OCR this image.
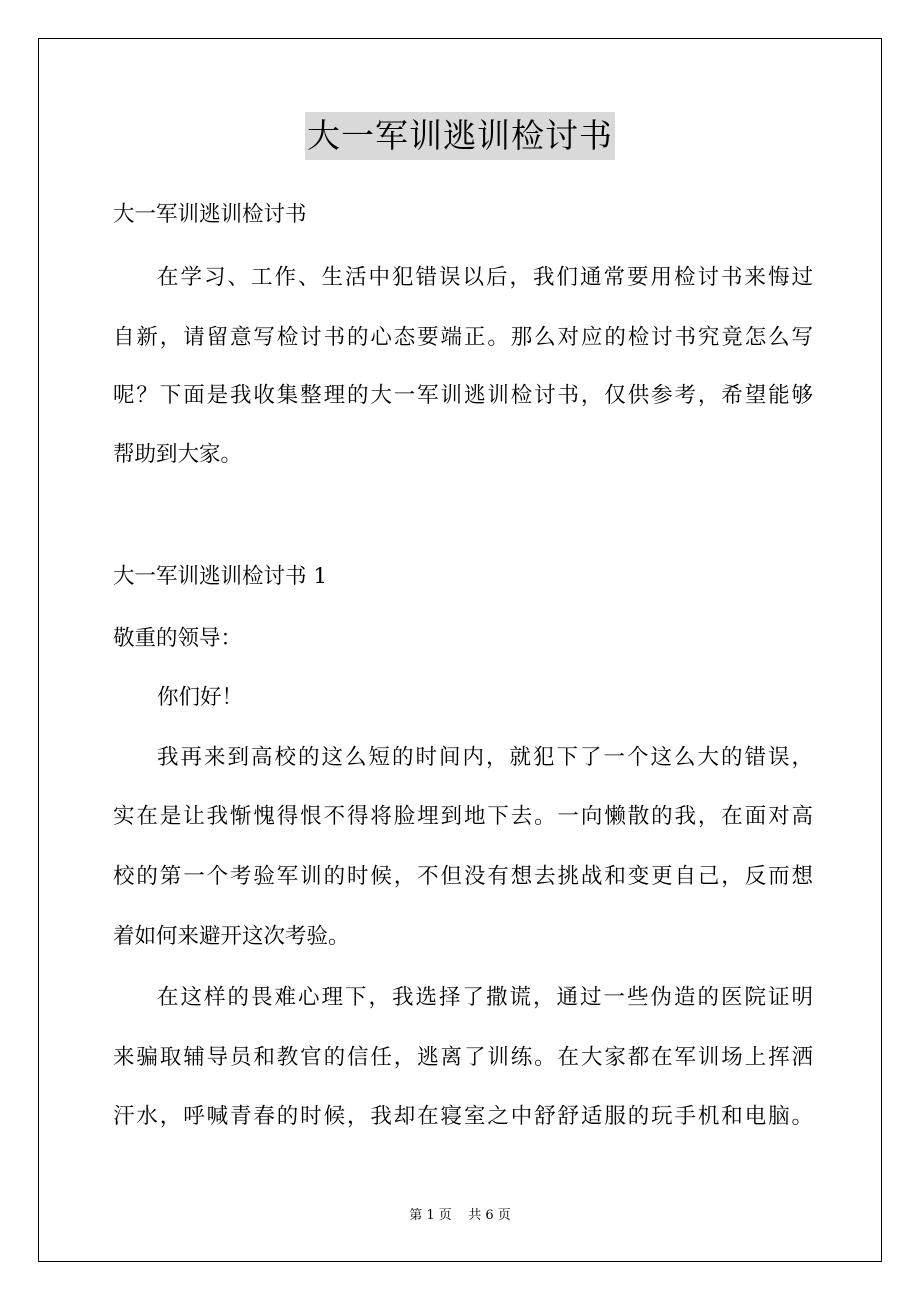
大一军训逃训检讨书

大一军训逃训检讨书

在学习、工作、生活中犯错误以后，我们通常要用检讨书来悔过

自新，请留意写检讨书的心态要端正。那么对应的检讨书究竟怎么写

呢？下面是我收集整理的大一军训逃训检讨书，仅供参考，希望能够

帮助到大家。

大一军训逃训检讨书 1

敬重的领导：

你们好！

我再来到高校的这么短的时间内，就犯下了一个这么大的错误，

实在是让我惭愧得恨不得将脸埋到地下去。一向懒散的我，在面对高

校的第一个考验军训的时候，不但没有想去挑战和变更自己，反而想

着如何来避开这次考验。

在这样的畏难心理下，我选择了撒谎，通过一些伪造的医院证明

来骗取辅导员和教官的信任，逃离了训练。在大家都在军训场上挥洒

汗水，呼喊青春的时候，我却在寝室之中舒舒适服的玩手机和电脑。

第 1 页 共 6 页
